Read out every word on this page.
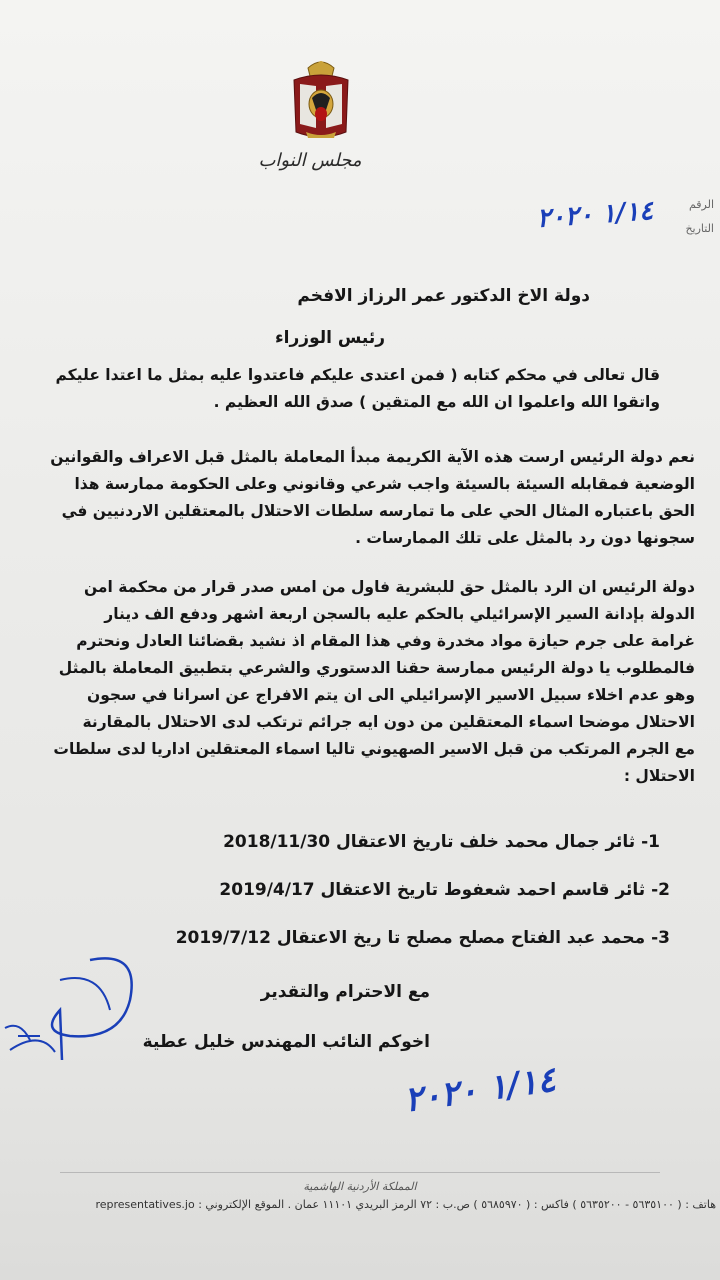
مجلس النواب
الرقم
التاريخ
١/١٤ ٢٠٢٠
دولة الاخ الدكتور عمر الرزاز الافخم
رئيس الوزراء
قال تعالى في محكم كتابه ( فمن اعتدى عليكم فاعتدوا عليه بمثل ما اعتدا عليكم
واتقوا الله واعلموا ان الله مع المتقين ) صدق الله العظيم .
نعم دولة الرئيس ارست هذه الآية الكريمة مبدأ المعاملة بالمثل قبل الاعراف والقوانين
الوضعية فمقابله السيئة بالسيئة واجب شرعي وقانوني وعلى الحكومة ممارسة هذا
الحق باعتباره المثال الحي على ما تمارسه سلطات الاحتلال بالمعتقلين الاردنيين في
سجونها دون رد بالمثل على تلك الممارسات .
دولة الرئيس ان الرد بالمثل حق للبشرية فاول من امس صدر قرار من محكمة امن
الدولة بإدانة السير الإسرائيلي بالحكم عليه بالسجن اربعة اشهر ودفع الف دينار
غرامة على جرم حيازة مواد مخدرة وفي هذا المقام اذ نشيد بقضائنا العادل ونحترم
فالمطلوب يا دولة الرئيس ممارسة حقنا الدستوري والشرعي بتطبيق المعاملة بالمثل
وهو عدم اخلاء سبيل الاسير الإسرائيلي الى ان يتم الافراج عن اسرانا في سجون
الاحتلال موضحا اسماء المعتقلين من دون ايه جرائم ترتكب لدى الاحتلال بالمقارنة
مع الجرم المرتكب من قبل الاسير الصهيوني تاليا اسماء المعتقلين اداريا لدى سلطات
الاحتلال :
1- ثائر جمال محمد خلف تاريخ الاعتقال 2018/11/30
2- ثائر قاسم احمد شعفوط تاريخ الاعتقال 2019/4/17
3- محمد عبد الفتاح مصلح مصلح تا ريخ الاعتقال 2019/7/12
مع الاحترام والتقدير
اخوكم النائب المهندس خليل عطية
١/١٤ ٢٠٢٠
المملكة الأردنية الهاشمية
هاتف : ( ٥٦٣٥١٠٠ - ٥٦٣٥٢٠٠ ) فاكس : ( ٥٦٨٥٩٧٠ ) ص.ب : ٧٢ الرمز البريدي ١١١٠١ عمان . الموقع الإلكتروني : representatives.jo
